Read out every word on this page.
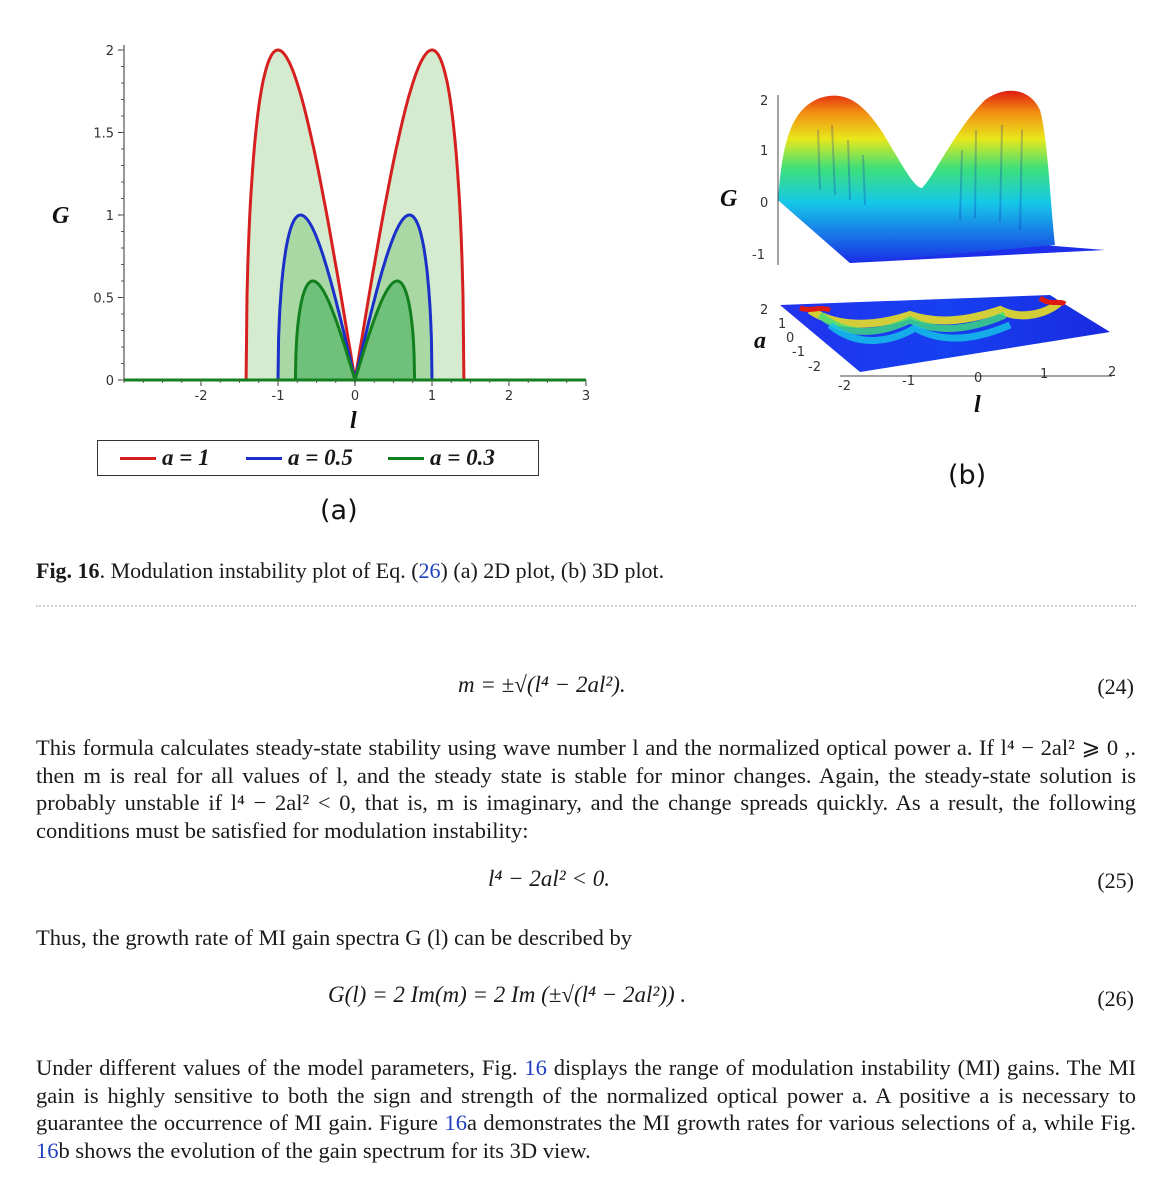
0
0.5
1
1.5
2
-2	-1	0	1	2	3
G
l
a = 1	a = 0.5	a = 0.3
(a)
2
1
0
-1
G
2
1
0
-1
-2
a
-2	-1	0	1	2
l
(b)
Fig. 16. Modulation instability plot of Eq. (26) (a) 2D plot, (b) 3D plot.
m = ±√(l⁴ − 2al²).	(24)
This formula calculates steady-state stability using wave number l and the normalized optical power a. If l⁴ − 2al² ⩾ 0 ,. then m is real for all values of l, and the steady state is stable for minor changes. Again, the steady-state solution is probably unstable if l⁴ − 2al² < 0, that is, m is imaginary, and the change spreads quickly. As a result, the following conditions must be satisfied for modulation instability:
l⁴ − 2al² < 0.	(25)
Thus, the growth rate of MI gain spectra G (l) can be described by
G(l) = 2 Im(m) = 2 Im (±√(l⁴ − 2al²)) .	(26)
Under different values of the model parameters, Fig. 16 displays the range of modulation instability (MI) gains. The MI gain is highly sensitive to both the sign and strength of the normalized optical power a. A positive a is necessary to guarantee the occurrence of MI gain. Figure 16a demonstrates the MI growth rates for various selections of a, while Fig. 16b shows the evolution of the gain spectrum for its 3D view.
